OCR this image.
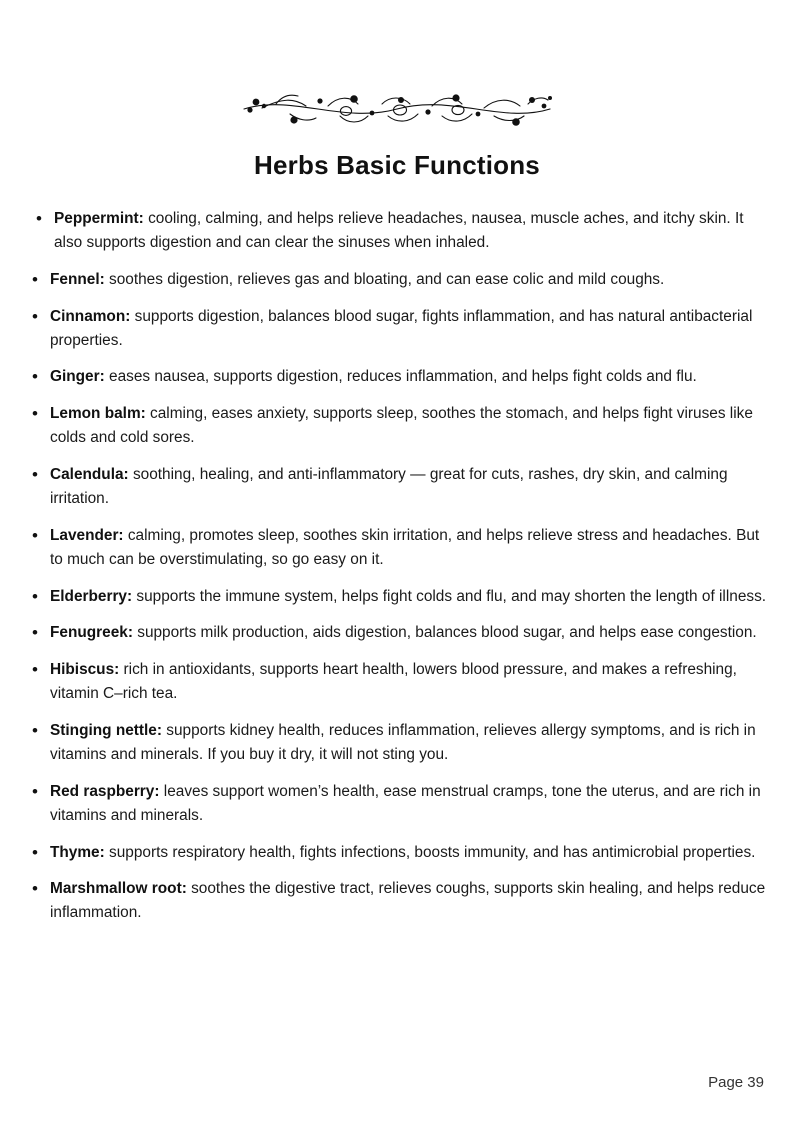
Herbs Basic Functions
• Peppermint: cooling, calming, and helps relieve headaches, nausea, muscle aches, and itchy skin. It also supports digestion and can clear the sinuses when inhaled.
• Fennel: soothes digestion, relieves gas and bloating, and can ease colic and mild coughs.
• Cinnamon: supports digestion, balances blood sugar, fights inflammation, and has natural antibacterial properties.
• Ginger: eases nausea, supports digestion, reduces inflammation, and helps fight colds and flu.
• Lemon balm: calming, eases anxiety, supports sleep, soothes the stomach, and helps fight viruses like colds and cold sores.
• Calendula: soothing, healing, and anti-inflammatory — great for cuts, rashes, dry skin, and calming irritation.
• Lavender: calming, promotes sleep, soothes skin irritation, and helps relieve stress and headaches. But to much can be overstimulating, so go easy on it.
• Elderberry: supports the immune system, helps fight colds and flu, and may shorten the length of illness.
• Fenugreek: supports milk production, aids digestion, balances blood sugar, and helps ease congestion.
• Hibiscus: rich in antioxidants, supports heart health, lowers blood pressure, and makes a refreshing, vitamin C–rich tea.
• Stinging nettle: supports kidney health, reduces inflammation, relieves allergy symptoms, and is rich in vitamins and minerals. If you buy it dry, it will not sting you.
• Red raspberry: leaves support women’s health, ease menstrual cramps, tone the uterus, and are rich in vitamins and minerals.
• Thyme: supports respiratory health, fights infections, boosts immunity, and has antimicrobial properties.
• Marshmallow root: soothes the digestive tract, relieves coughs, supports skin healing, and helps reduce inflammation.
Page 39
